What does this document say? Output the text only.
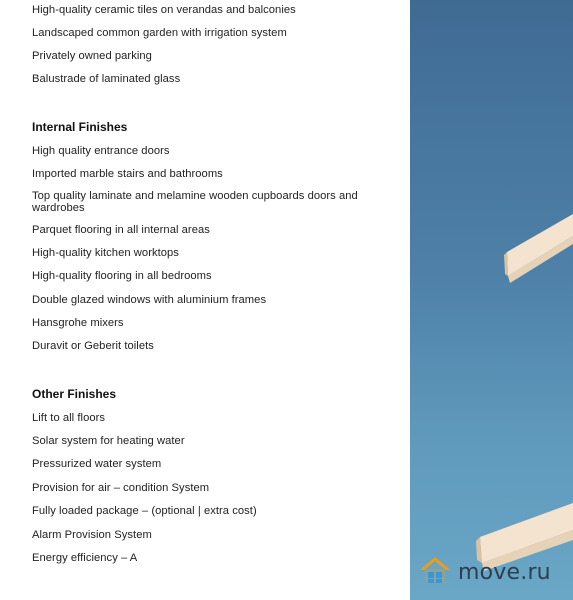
High-quality ceramic tiles on verandas and balconies
Landscaped common garden with irrigation system
Privately owned parking
Balustrade of laminated glass
Internal Finishes
High quality entrance doors
Imported marble stairs and bathrooms
Top quality laminate and melamine wooden cupboards doors and wardrobes
Parquet flooring in all internal areas
High-quality kitchen worktops
High-quality flooring in all bedrooms
Double glazed windows with aluminium frames
Hansgrohe mixers
Duravit or Geberit toilets
Other Finishes
Lift to all floors
Solar system for heating water
Pressurized water system
Provision for air – condition System
Fully loaded package – (optional | extra cost)
Alarm Provision System
Energy efficiency – A
move.ru
